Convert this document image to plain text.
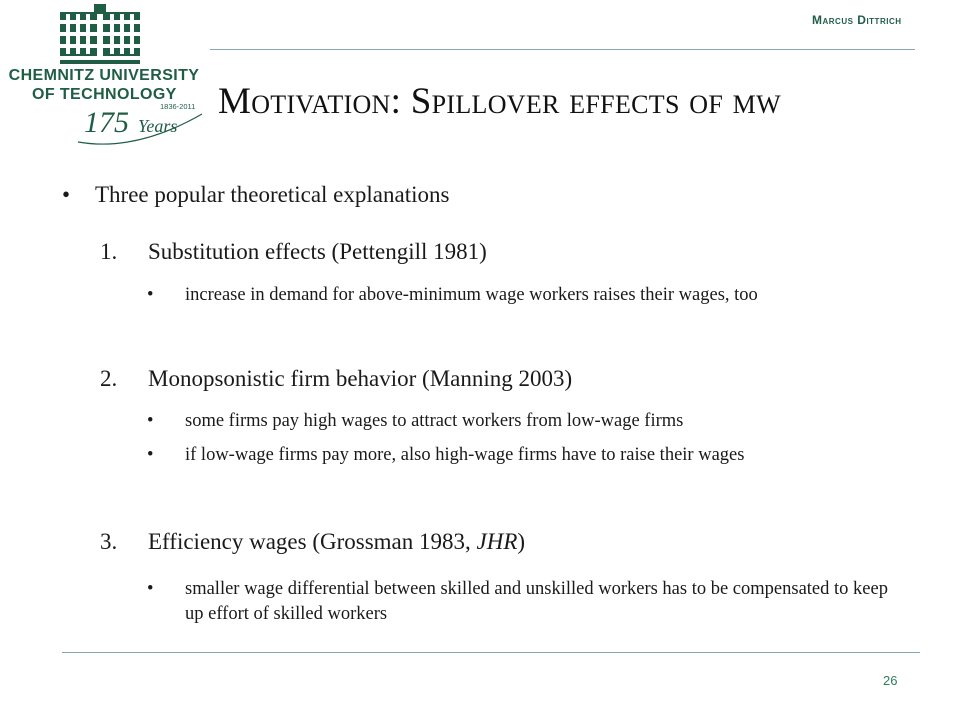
CHEMNITZ UNIVERSITY
OF TECHNOLOGY
1836-2011
175 Years
Marcus Dittrich
Motivation: Spillover effects of mw
• Three popular theoretical explanations
1. Substitution effects (Pettengill 1981)
• increase in demand for above-minimum wage workers raises their wages, too
2. Monopsonistic firm behavior (Manning 2003)
• some firms pay high wages to attract workers from low-wage firms
• if low-wage firms pay more, also high-wage firms have to raise their wages
3. Efficiency wages (Grossman 1983, JHR)
• smaller wage differential between skilled and unskilled workers has to be compensated to keep up effort of skilled workers
26
